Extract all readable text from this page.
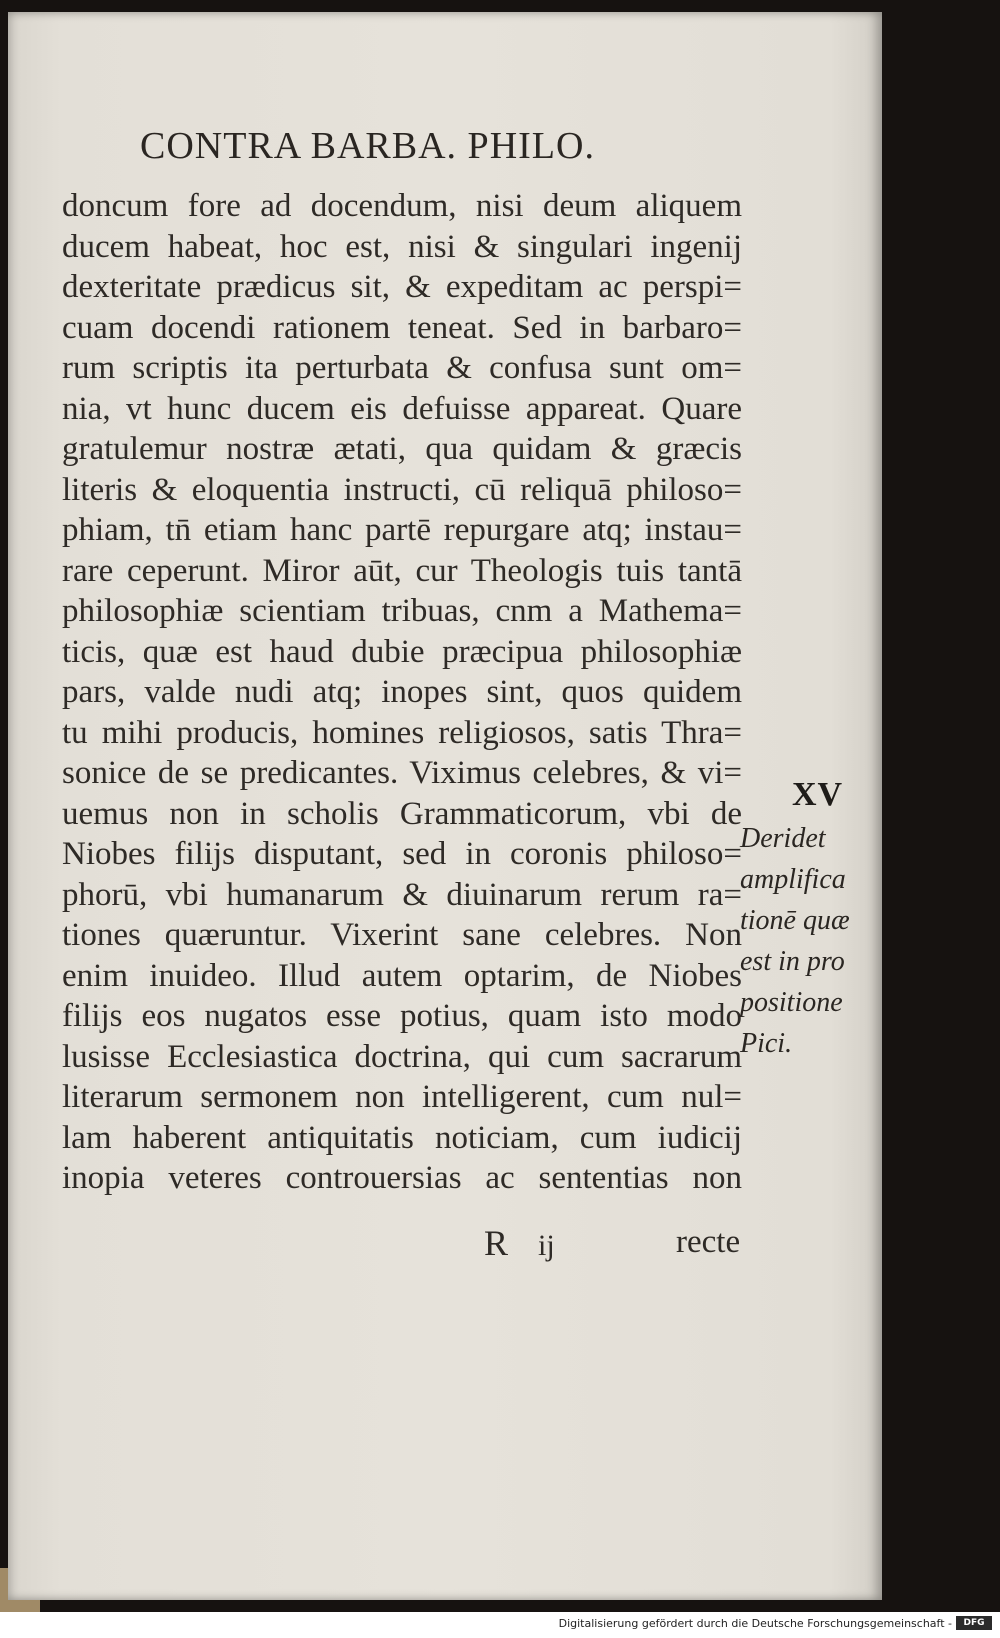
CONTRA BARBA. PHILO.
doncum fore ad docendum, nisi deum aliquem
ducem habeat, hoc est, nisi & singulari ingenij
dexteritate prædicus sit, & expeditam ac perspi=
cuam docendi rationem teneat. Sed in barbaro=
rum scriptis ita perturbata & confusa sunt om=
nia, vt hunc ducem eis defuisse appareat. Quare
gratulemur nostræ ætati, qua quidam & græcis
literis & eloquentia instructi, cū reliquā philoso=
phiam, tn̄ etiam hanc partē repurgare atq; instau=
rare ceperunt. Miror aūt, cur Theologis tuis tantā
philosophiæ scientiam tribuas, cnm a Mathema=
ticis, quæ est haud dubie præcipua philosophiæ
pars, valde nudi atq; inopes sint, quos quidem
tu mihi producis, homines religiosos, satis Thra=
sonice de se predicantes. Viximus celebres, & vi=
uemus non in scholis Grammaticorum, vbi de
Niobes filijs disputant, sed in coronis philoso=
phorū, vbi humanarum & diuinarum rerum ra=
tiones quæruntur. Vixerint sane celebres. Non
enim inuideo. Illud autem optarim, de Niobes
filijs eos nugatos esse potius, quam isto modo
lusisse Ecclesiastica doctrina, qui cum sacrarum
literarum sermonem non intelligerent, cum nul=
lam haberent antiquitatis noticiam, cum iudicij
inopia veteres controuersias ac sententias non
XV
Deridet
amplifica
tionē quæ
est in pro
positione
Pici.
R ij	recte
Digitalisierung gefördert durch die Deutsche Forschungsgemeinschaft -	DFG
